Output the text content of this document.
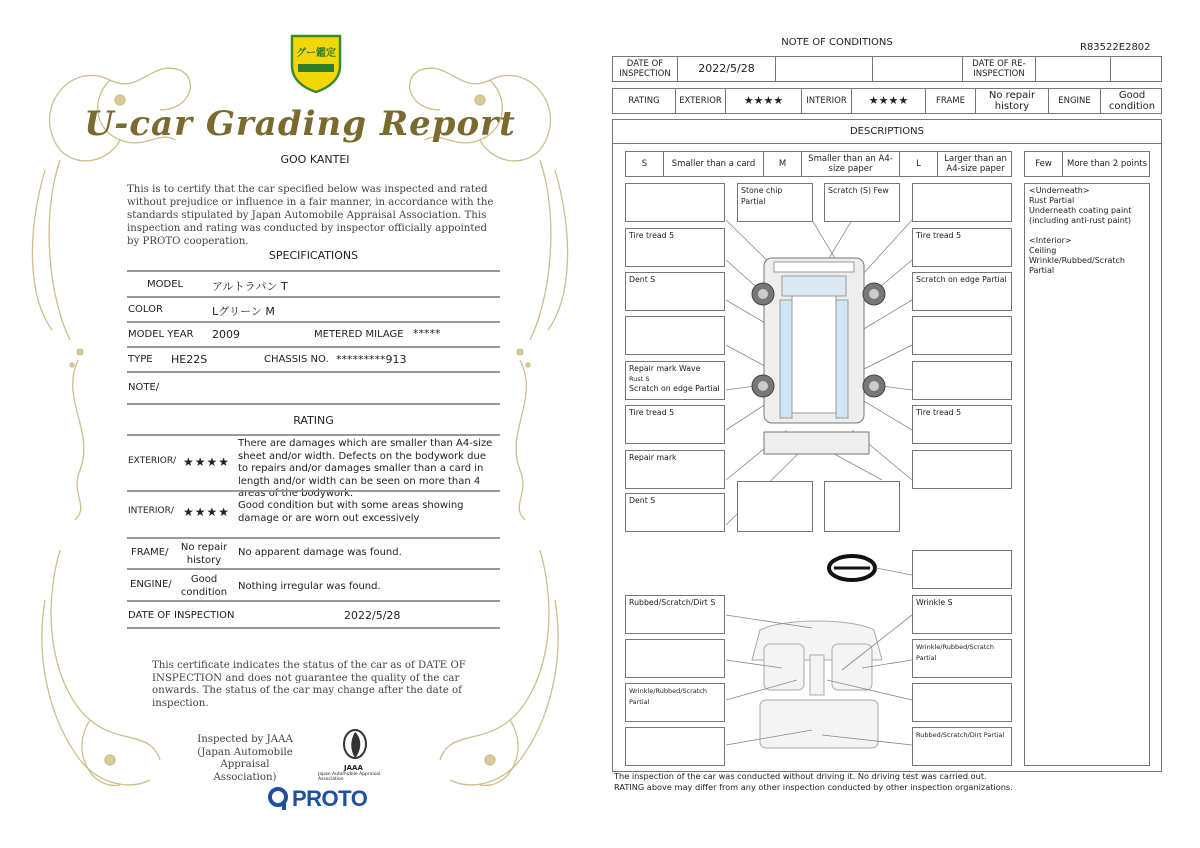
グー鑑定
U-car Grading Report
GOO KANTEI
This is to certify that the car specified below was inspected and rated without prejudice or influence in a fair manner, in accordance with the standards stipulated by Japan Automobile Appraisal Association. This inspection and rating was conducted by inspector officially appointed by PROTO cooperation.
SPECIFICATIONS
MODEL	アルトラパン T
COLOR	Lグリーン M
MODEL YEAR 2009	METERED MILAGE *****
TYPE HE22S	CHASSIS NO. *********913
NOTE/
RATING
EXTERIOR/ ★★★★
There are damages which are smaller than A4-size sheet and/or width. Defects on the bodywork due to repairs and/or damages smaller than a card in length and/or width can be seen on more than 4 areas of the bodywork.
INTERIOR/ ★★★★ Good condition but with some areas showing damage or are worn out excessively
FRAME/	No repair history
No apparent damage was found.
ENGINE/	Good condition	Nothing irregular was found.
DATE OF INSPECTION	2022/5/28
This certificate indicates the status of the car as of DATE OF INSPECTION and does not guarantee the quality of the car onwards. The status of the car may change after the date of inspection.
Inspected by JAAA (Japan Automobile Appraisal Association)
JAAA
Japan Automobile Appraisal Association
PROTO
NOTE OF CONDITIONS	R83522E2802
DATE OF INSPECTION	2022/5/28	DATE OF RE-INSPECTION
RATING	EXTERIOR	★★★★	INTERIOR	★★★★	FRAME	No repair history	ENGINE	Good condition
DESCRIPTIONS
S	Smaller than a card	M	Smaller than an A4-size paper	L	Larger than an A4-size paper	Few	More than 2 points
<Underneath>
Rust Partial
Underneath coating paint
(including anti-rust paint)
<Interior>
Ceiling
Wrinkle/Rubbed/Scratch
Partial
Tire tread 5
Dent S
Repair mark Wave
Rust S
Scratch on edge Partial
Tire tread 5
Repair mark
Dent S
Stone chip Partial
Scratch (S) Few
Tire tread 5
Scratch on edge Partial
Tire tread 5
Rubbed/Scratch/Dirt S
Wrinkle/Rubbed/Scratch Partial
Wrinkle S
Wrinkle/Rubbed/Scratch Partial
Rubbed/Scratch/Dirt Partial
The inspection of the car was conducted without driving it. No driving test was carried out.
RATING above may differ from any other inspection conducted by other inspection organizations.
